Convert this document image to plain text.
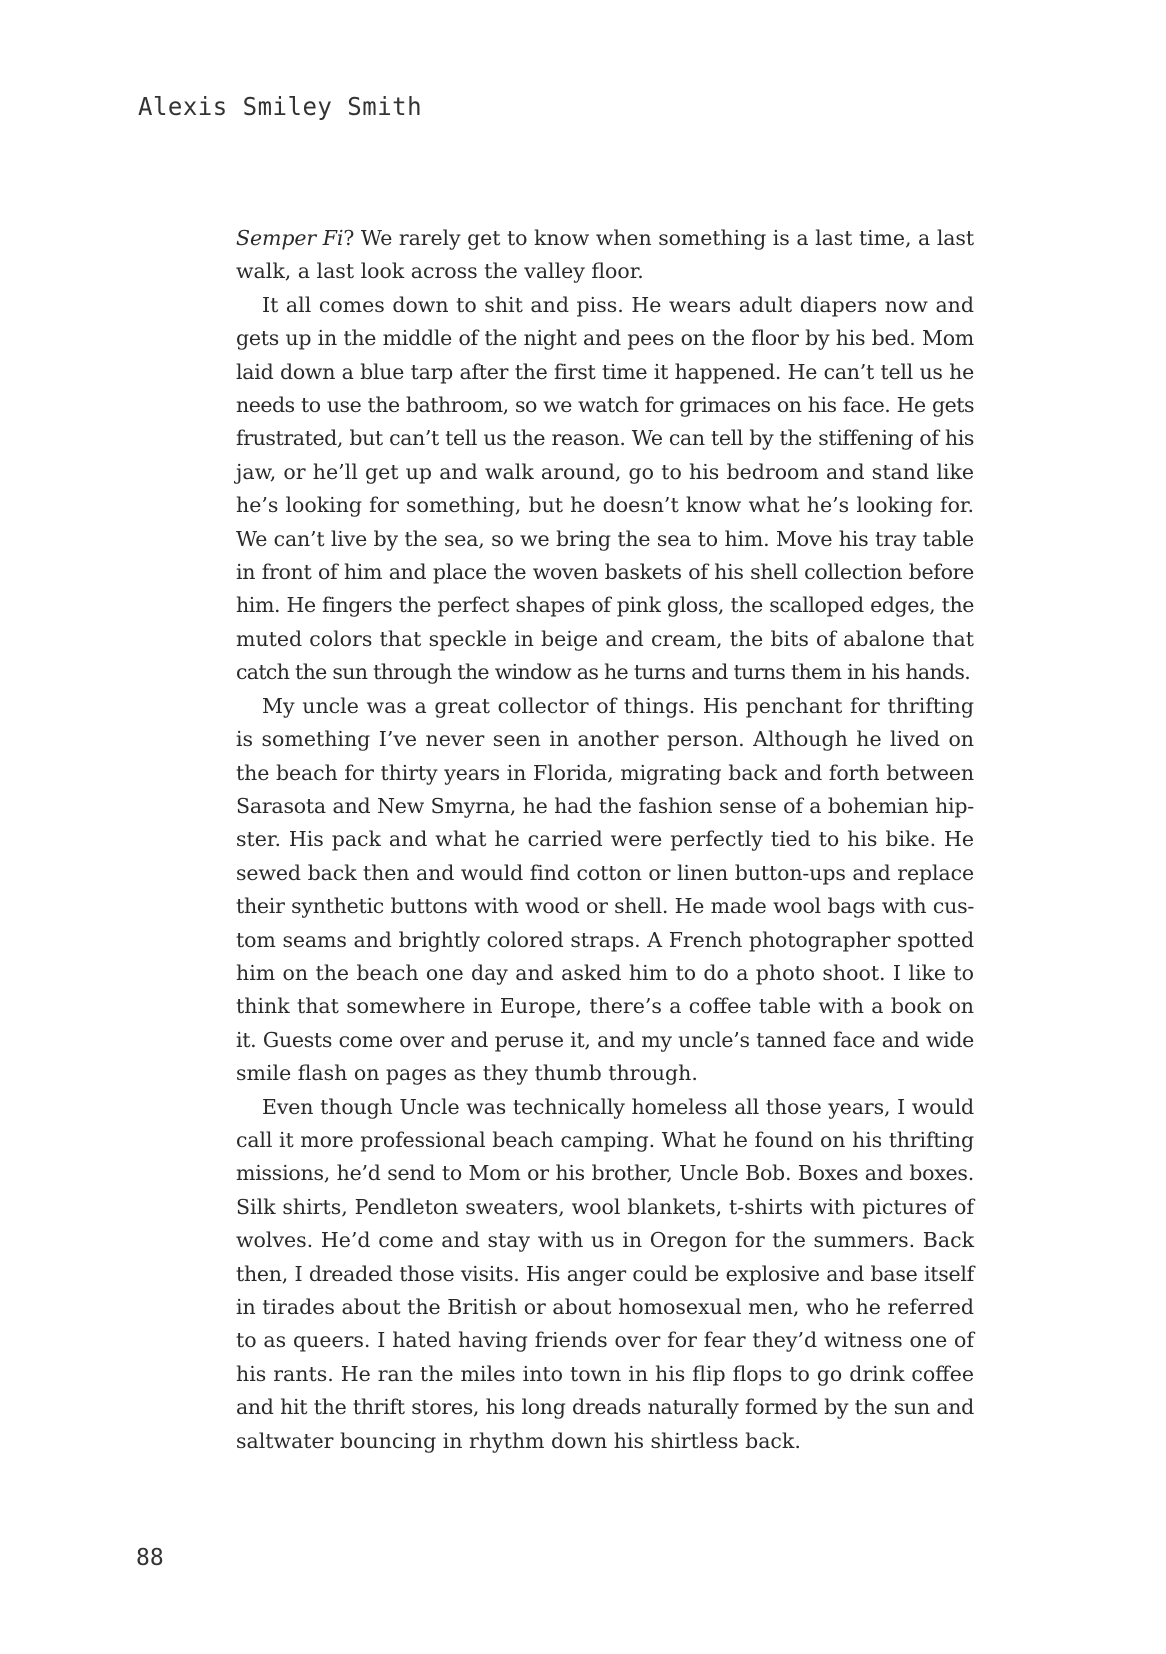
Alexis Smiley Smith

Semper Fi? We rarely get to know when something is a last time, a last
walk, a last look across the valley floor.

It all comes down to shit and piss. He wears adult diapers now and
gets up in the middle of the night and pees on the floor by his bed. Mom
laid down a blue tarp after the first time it happened. He can’t tell us he
needs to use the bathroom, so we watch for grimaces on his face. He gets
frustrated, but can’t tell us the reason. We can tell by the stiffening of his
jaw, or he’ll get up and walk around, go to his bedroom and stand like
he’s looking for something, but he doesn’t know what he’s looking for.
We can’t live by the sea, so we bring the sea to him. Move his tray table
in front of him and place the woven baskets of his shell collection before
him. He fingers the perfect shapes of pink gloss, the scalloped edges, the
muted colors that speckle in beige and cream, the bits of abalone that
catch the sun through the window as he turns and turns them in his hands.

My uncle was a great collector of things. His penchant for thrifting
is something I’ve never seen in another person. Although he lived on
the beach for thirty years in Florida, migrating back and forth between
Sarasota and New Smyrna, he had the fashion sense of a bohemian hip-
ster. His pack and what he carried were perfectly tied to his bike. He
sewed back then and would find cotton or linen button-ups and replace
their synthetic buttons with wood or shell. He made wool bags with cus-
tom seams and brightly colored straps. A French photographer spotted
him on the beach one day and asked him to do a photo shoot. I like to
think that somewhere in Europe, there’s a coffee table with a book on
it. Guests come over and peruse it, and my uncle’s tanned face and wide
smile flash on pages as they thumb through.

Even though Uncle was technically homeless all those years, I would
call it more professional beach camping. What he found on his thrifting
missions, he’d send to Mom or his brother, Uncle Bob. Boxes and boxes.
Silk shirts, Pendleton sweaters, wool blankets, t-shirts with pictures of
wolves. He’d come and stay with us in Oregon for the summers. Back
then, I dreaded those visits. His anger could be explosive and base itself
in tirades about the British or about homosexual men, who he referred
to as queers. I hated having friends over for fear they’d witness one of
his rants. He ran the miles into town in his flip flops to go drink coffee
and hit the thrift stores, his long dreads naturally formed by the sun and
saltwater bouncing in rhythm down his shirtless back.

88
